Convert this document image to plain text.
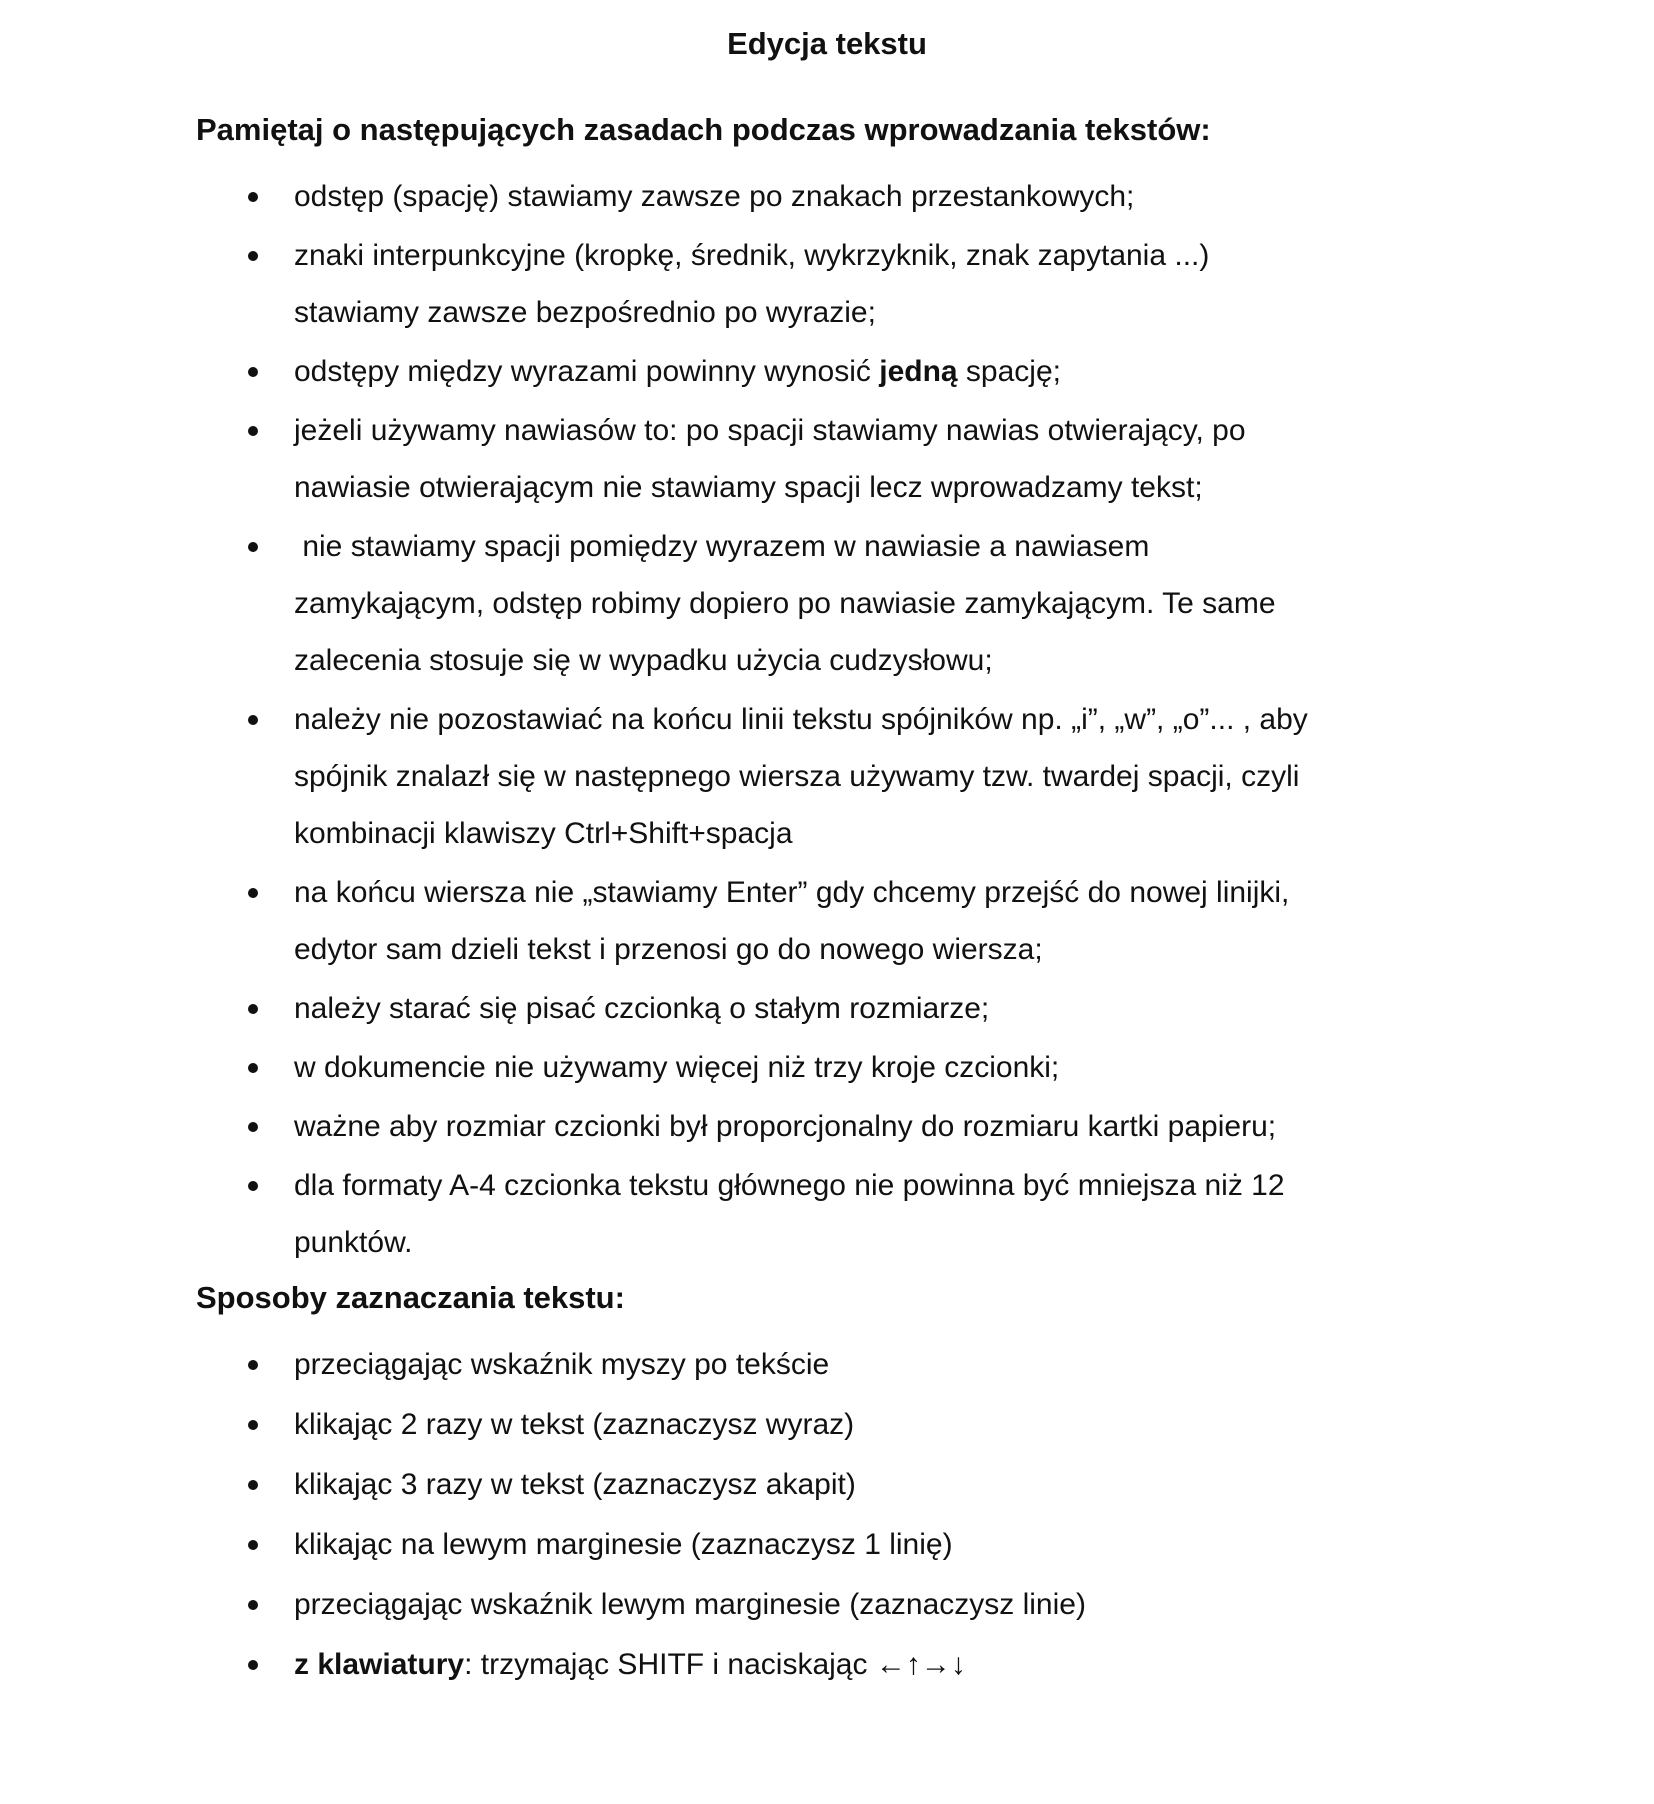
Edycja tekstu
Pamiętaj o następujących zasadach podczas wprowadzania tekstów:
odstęp (spację) stawiamy zawsze po znakach przestankowych;
znaki interpunkcyjne (kropkę, średnik, wykrzyknik, znak zapytania ...)
stawiamy zawsze bezpośrednio po wyrazie;
odstępy między wyrazami powinny wynosić jedną spację;
jeżeli używamy nawiasów to: po spacji stawiamy nawias otwierający, po
nawiasie otwierającym nie stawiamy spacji lecz wprowadzamy tekst;
nie stawiamy spacji pomiędzy wyrazem w nawiasie a nawiasem
zamykającym, odstęp robimy dopiero po nawiasie zamykającym. Te same
zalecenia stosuje się w wypadku użycia cudzysłowu;
należy nie pozostawiać na końcu linii tekstu spójników np. „i”, „w”, „o”... , aby
spójnik znalazł się w następnego wiersza używamy tzw. twardej spacji, czyli
kombinacji klawiszy Ctrl+Shift+spacja
na końcu wiersza nie „stawiamy Enter” gdy chcemy przejść do nowej linijki,
edytor sam dzieli tekst i przenosi go do nowego wiersza;
należy starać się pisać czcionką o stałym rozmiarze;
w dokumencie nie używamy więcej niż trzy kroje czcionki;
ważne aby rozmiar czcionki był proporcjonalny do rozmiaru kartki papieru;
dla formaty A-4 czcionka tekstu głównego nie powinna być mniejsza niż 12
punktów.
Sposoby zaznaczania tekstu:
przeciągając wskaźnik myszy po tekście
klikając 2 razy w tekst (zaznaczysz wyraz)
klikając 3 razy w tekst (zaznaczysz akapit)
klikając na lewym marginesie (zaznaczysz 1 linię)
przeciągając wskaźnik lewym marginesie (zaznaczysz linie)
z klawiatury: trzymając SHITF i naciskając ←↑→↓
